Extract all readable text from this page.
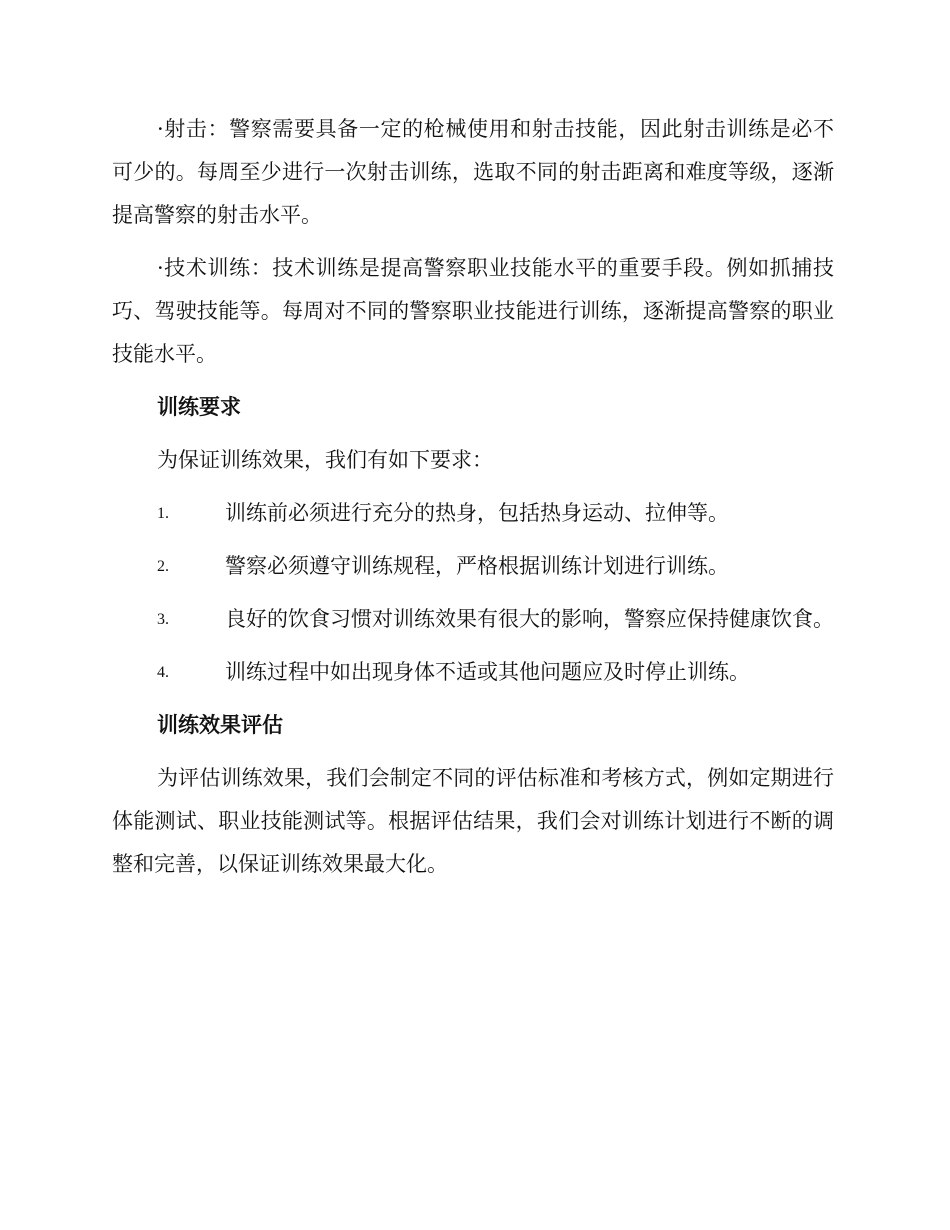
·射击：警察需要具备一定的枪械使用和射击技能，因此射击训练是必不可少的。每周至少进行一次射击训练，选取不同的射击距离和难度等级，逐渐提高警察的射击水平。

·技术训练：技术训练是提高警察职业技能水平的重要手段。例如抓捕技巧、驾驶技能等。每周对不同的警察职业技能进行训练，逐渐提高警察的职业技能水平。

训练要求

为保证训练效果，我们有如下要求：

1.	训练前必须进行充分的热身，包括热身运动、拉伸等。
2.	警察必须遵守训练规程，严格根据训练计划进行训练。
3.	良好的饮食习惯对训练效果有很大的影响，警察应保持健康饮食。
4.	训练过程中如出现身体不适或其他问题应及时停止训练。
训练效果评估

为评估训练效果，我们会制定不同的评估标准和考核方式，例如定期进行体能测试、职业技能测试等。根据评估结果，我们会对训练计划进行不断的调整和完善，以保证训练效果最大化。
